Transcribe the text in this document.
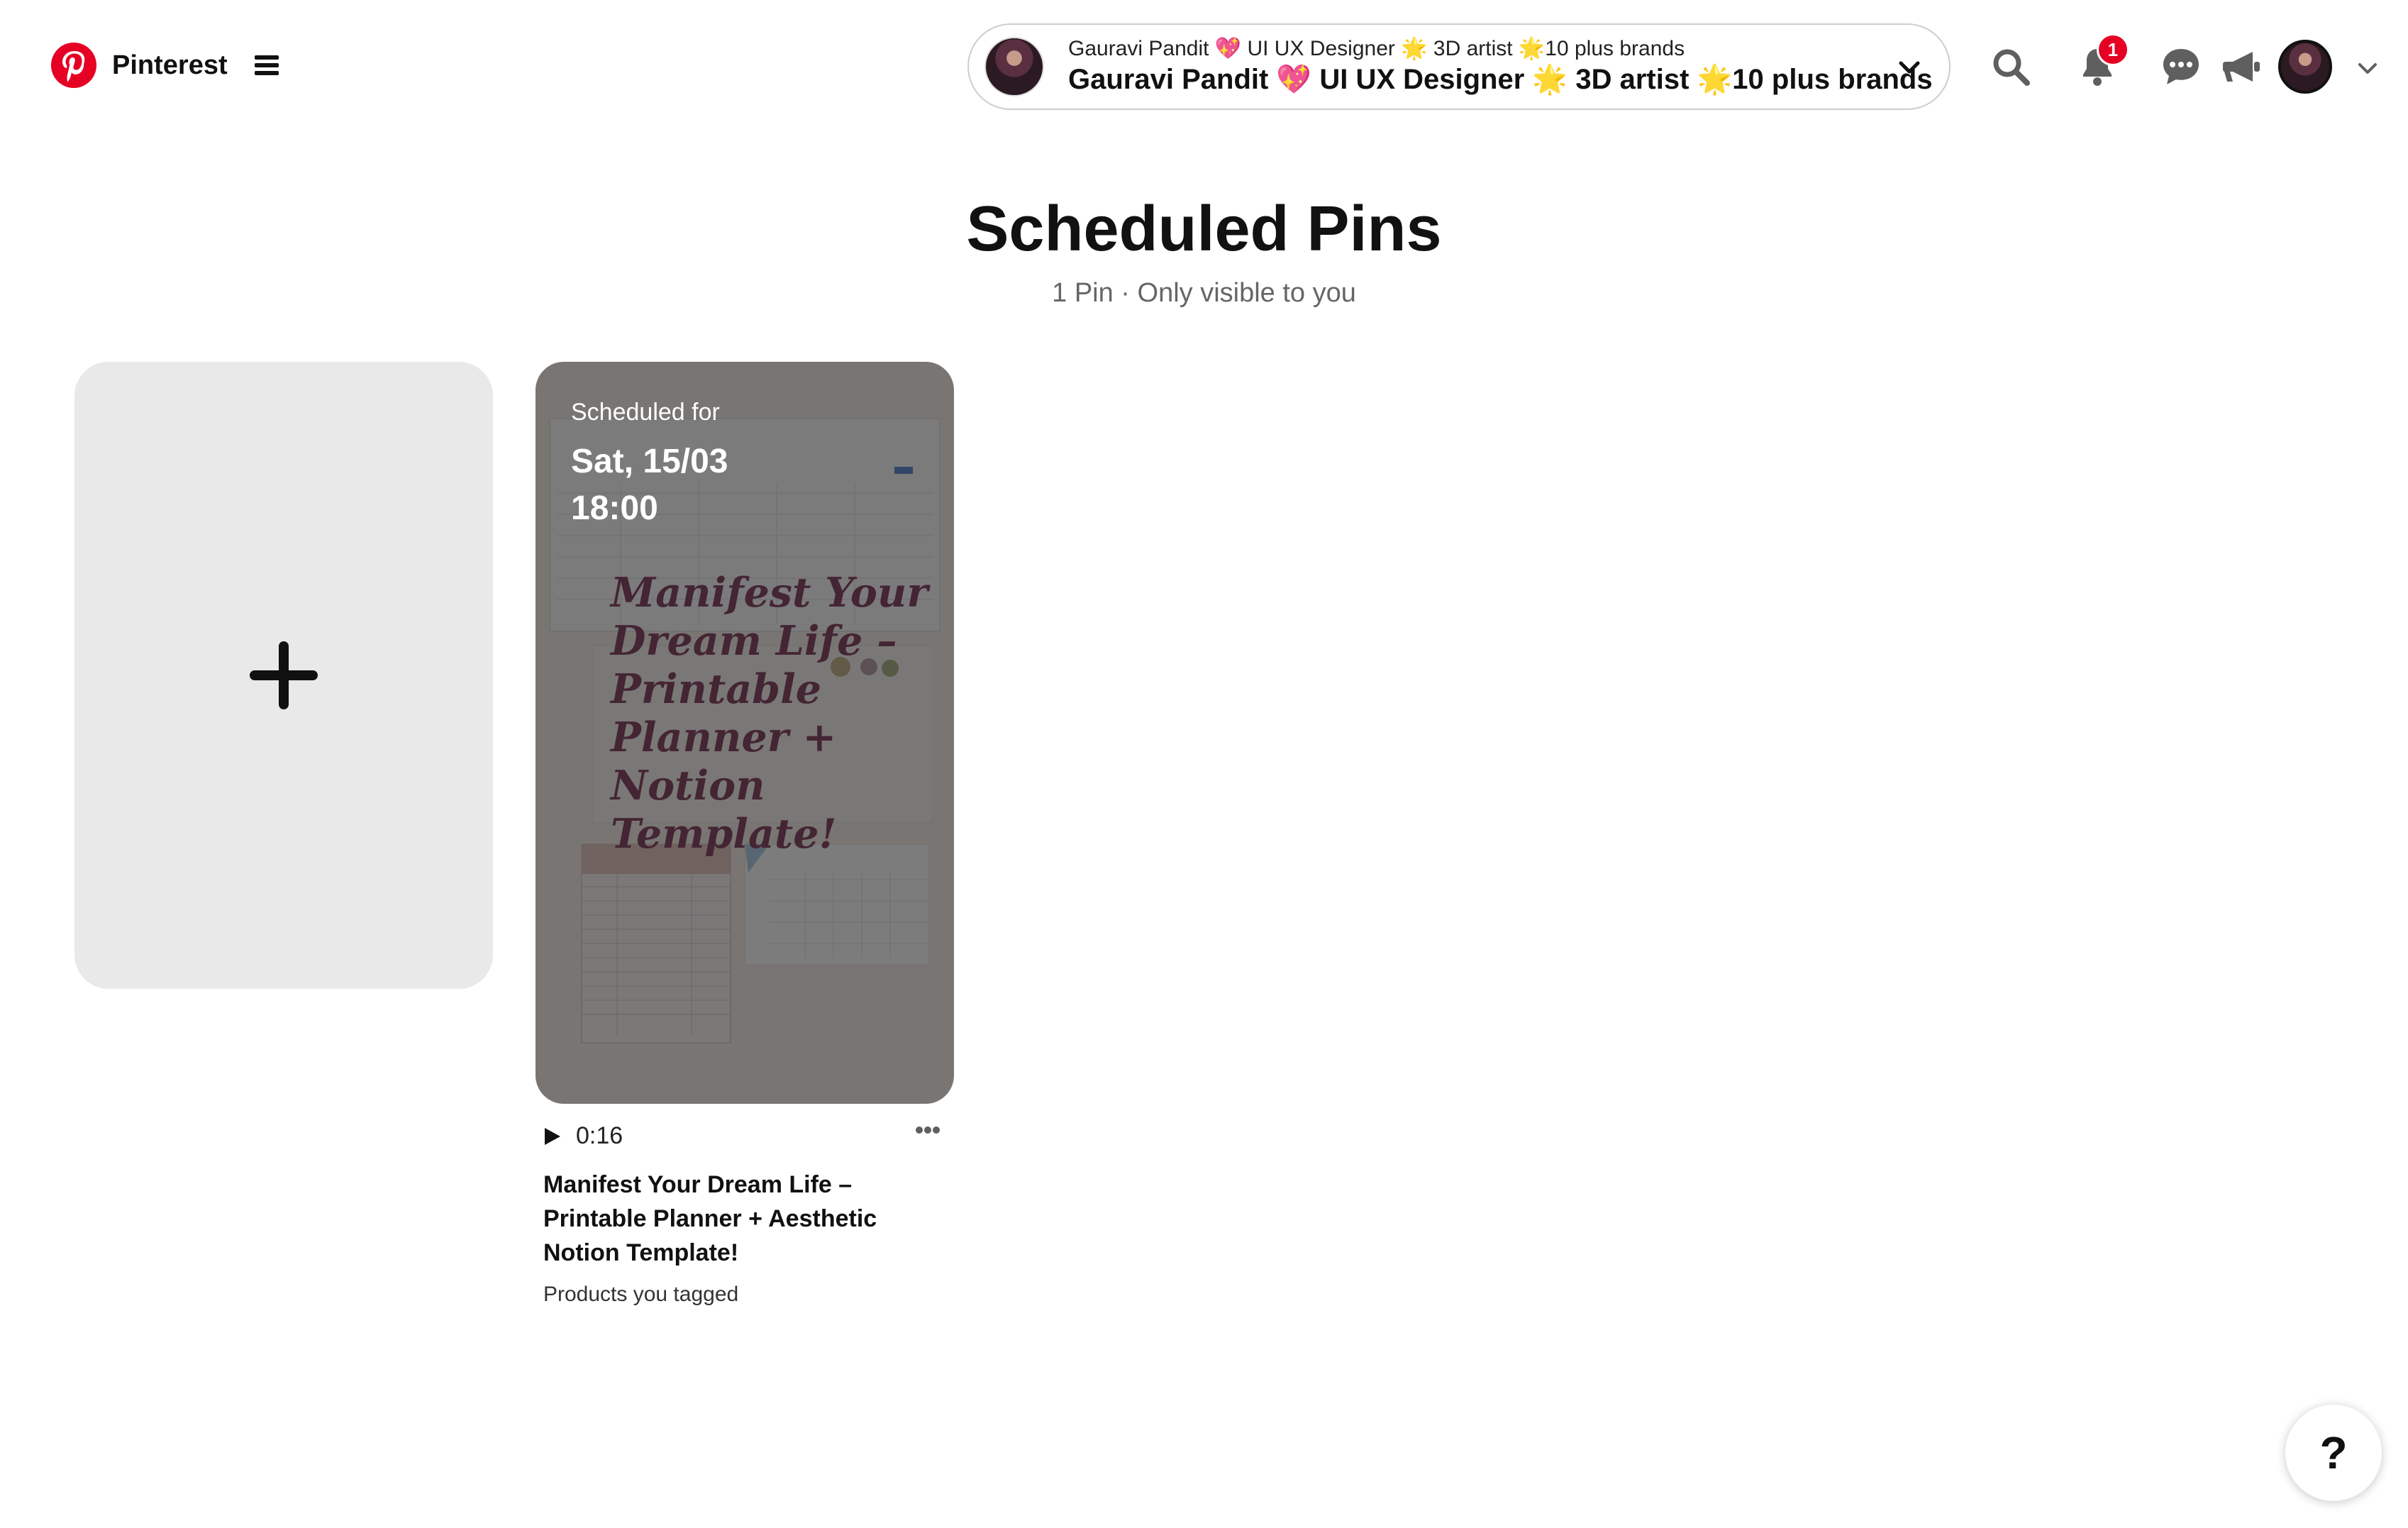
Pinterest
Gauravi Pandit 💖 UI UX Designer 🌟 3D artist 🌟10 plus brands
Gauravi Pandit 💖 UI UX Designer 🌟 3D artist 🌟10 plus brands
1
Scheduled Pins
1 Pin · Only visible to you
Scheduled for
Sat, 15/03
18:00
0:16
Manifest Your Dream Life – Printable Planner + Aesthetic Notion Template!
Products you tagged
?
